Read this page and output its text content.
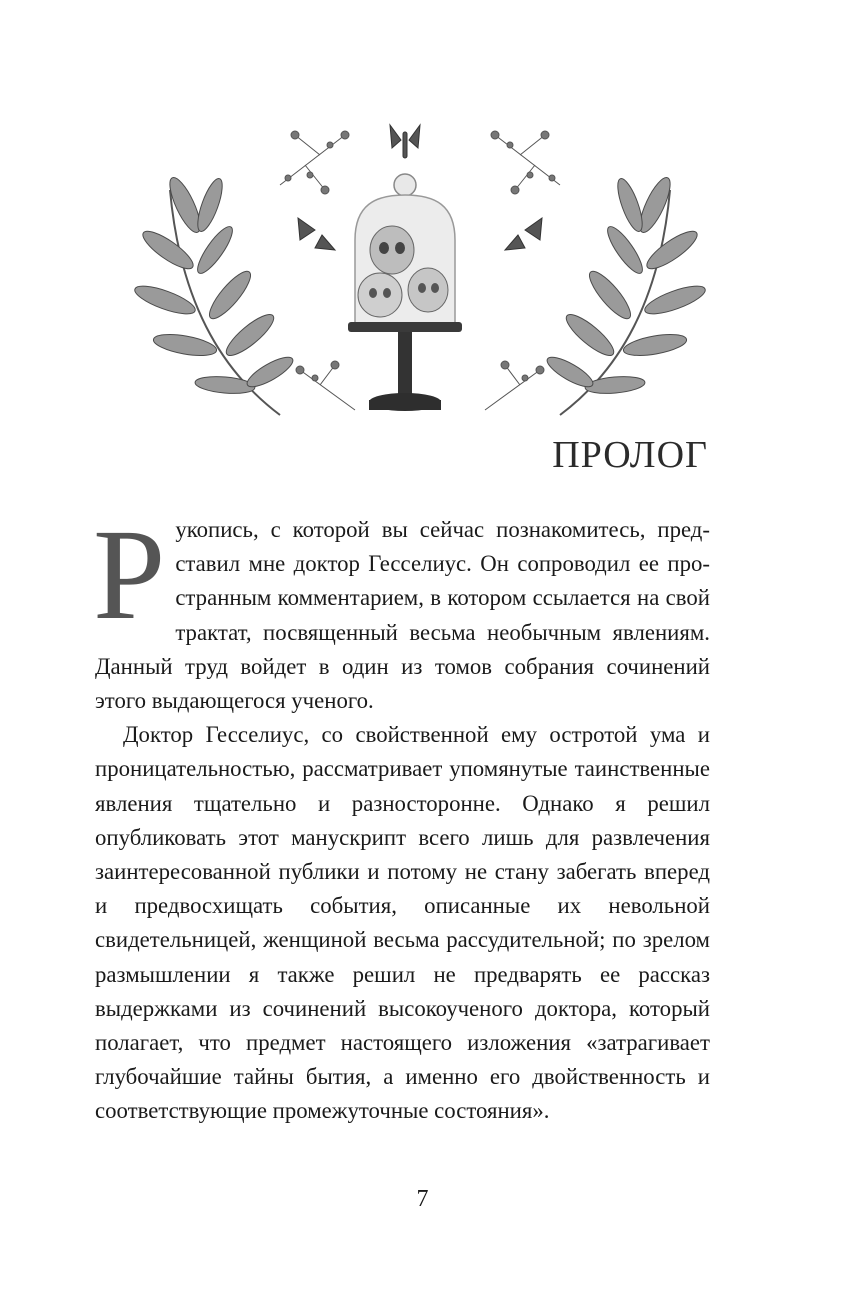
ПРОЛОГ

Рукопись, с которой вы сейчас познакомитесь, представил мне доктор Гесселиус. Он сопроводил ее пространным комментарием, в котором ссылается на свой трактат, посвященный весьма необычным явлениям. Данный труд войдет в один из томов собрания сочинений этого выдающегося ученого.

Доктор Гесселиус, со свойственной ему остротой ума и проницательностью, рассматривает упомянутые таинственные явления тщательно и разносторонне. Однако я решил опубликовать этот манускрипт всего лишь для развлечения заинтересованной публики и потому не стану забегать вперед и предвосхищать события, описанные их невольной свидетельницей, женщиной весьма рассудительной; по зрелом размышлении я также решил не предварять ее рассказ выдержками из сочинений высокоученого доктора, который полагает, что предмет настоящего изложения «затрагивает глубочайшие тайны бытия, а именно его двойственность и соответствующие промежуточные состояния».

7
